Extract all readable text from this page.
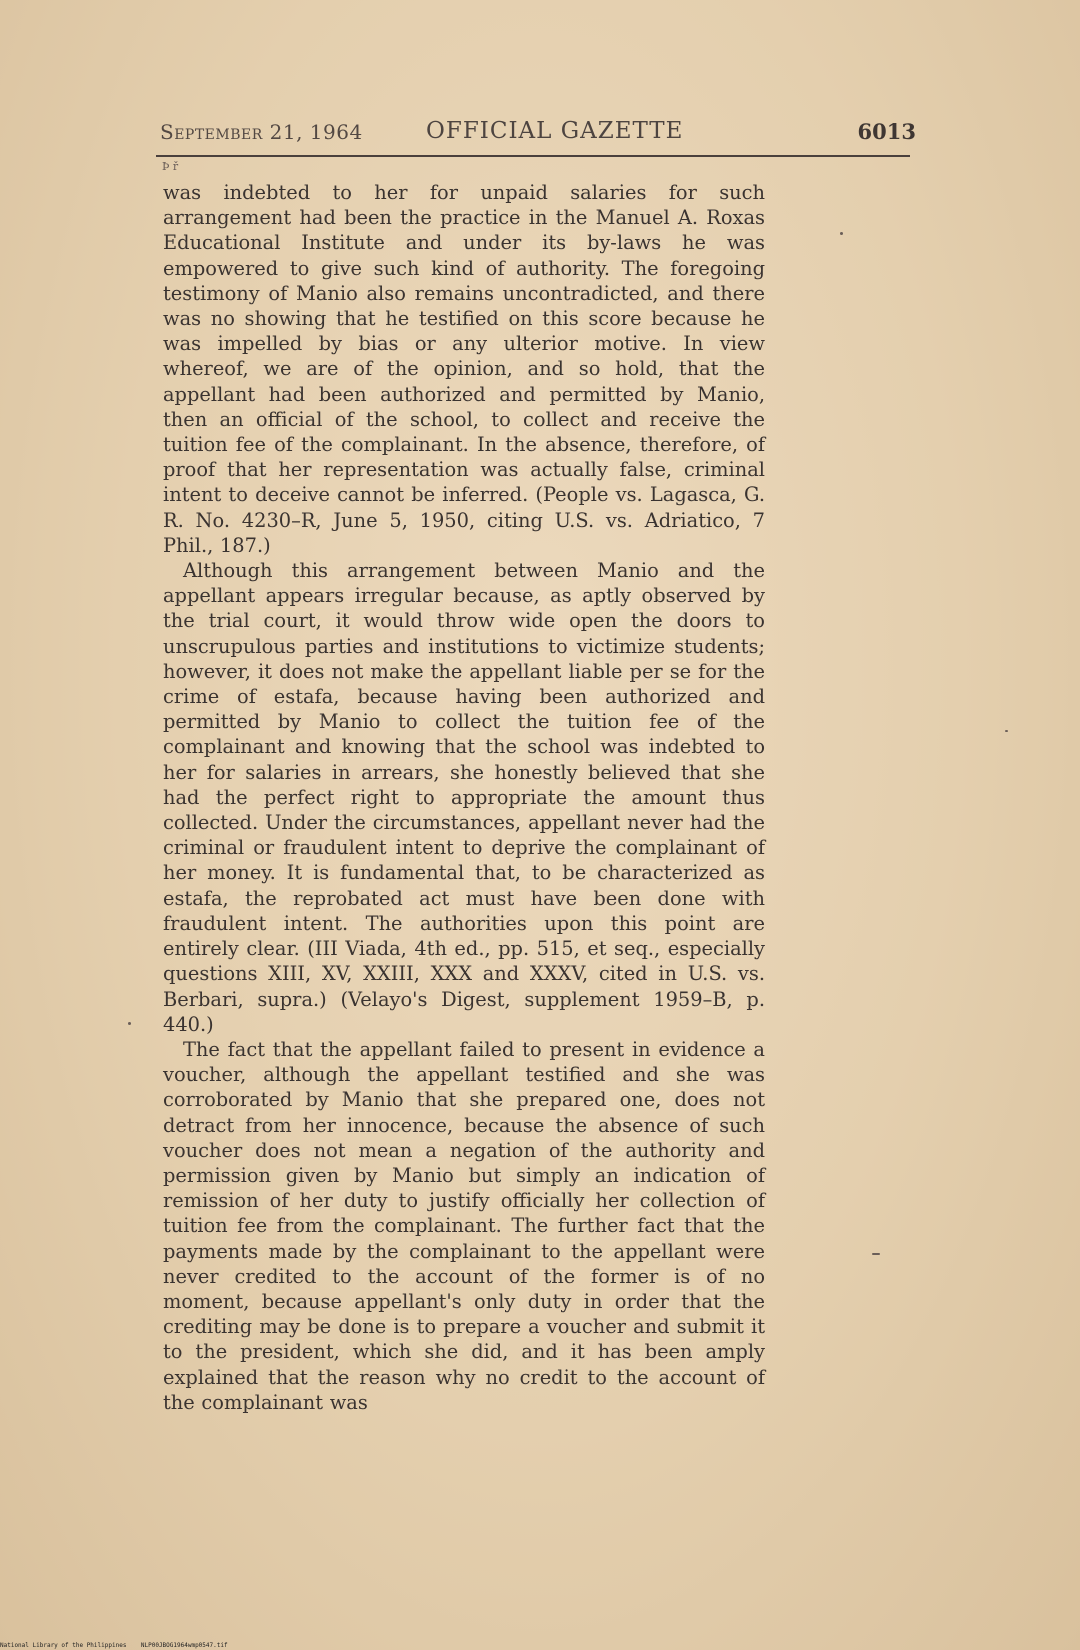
September 21, 1964	OFFICIAL GAZETTE	6013
Þ ř

was indebted to her for unpaid salaries for such arrangement had been the practice in the Manuel A. Roxas Educational Institute and under its by-laws he was empowered to give such kind of authority. The foregoing testimony of Manio also remains uncontradicted, and there was no showing that he testified on this score because he was impelled by bias or any ulterior motive. In view whereof, we are of the opinion, and so hold, that the appellant had been authorized and permitted by Manio, then an official of the school, to collect and receive the tuition fee of the complainant. In the absence, therefore, of proof that her representation was actually false, criminal intent to deceive cannot be inferred. (People vs. Lagasca, G. R. No. 4230–R, June 5, 1950, citing U.S. vs. Adriatico, 7 Phil., 187.)

Although this arrangement between Manio and the appellant appears irregular because, as aptly observed by the trial court, it would throw wide open the doors to unscrupulous parties and institutions to victimize students; however, it does not make the appellant liable per se for the crime of estafa, because having been authorized and permitted by Manio to collect the tuition fee of the complainant and knowing that the school was indebted to her for salaries in arrears, she honestly believed that she had the perfect right to appropriate the amount thus collected. Under the circumstances, appellant never had the criminal or fraudulent intent to deprive the complainant of her money. It is fundamental that, to be characterized as estafa, the reprobated act must have been done with fraudulent intent. The authorities upon this point are entirely clear. (III Viada, 4th ed., pp. 515, et seq., especially questions XIII, XV, XXIII, XXX and XXXV, cited in U.S. vs. Berbari, supra.) (Velayo's Digest, supplement 1959–B, p. 440.)

The fact that the appellant failed to present in evidence a voucher, although the appellant testified and she was corroborated by Manio that she prepared one, does not detract from her innocence, because the absence of such voucher does not mean a negation of the authority and permission given by Manio but simply an indication of remission of her duty to justify officially her collection of tuition fee from the complainant. The further fact that the payments made by the complainant to the appellant were never credited to the account of the former is of no moment, because appellant's only duty in order that the crediting may be done is to prepare a voucher and submit it to the president, which she did, and it has been amply explained that the reason why no credit to the account of the complainant was

National Library of the Philippines    NLP00JBOG1964wmp0547.tif
